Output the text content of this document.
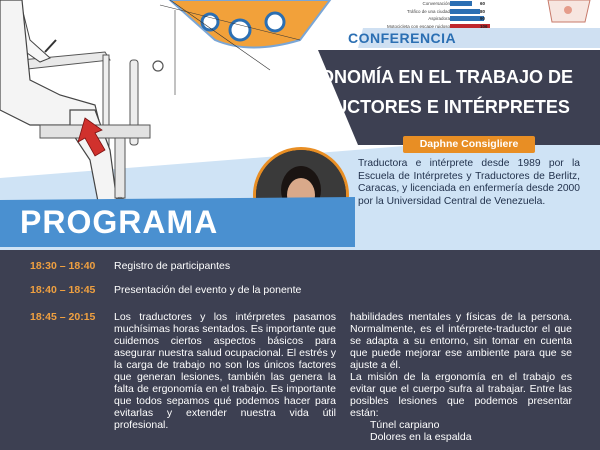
Conversación
Tráfico de una ciudad
Aspiradora
Motocicleta con escape ruidoso
60
80
90
106
CONFERENCIA
ERGONOMÍA EN EL TRABAJO DE
TRADUCTORES E INTÉRPRETES
Daphne Consigliere
Traductora e intérprete desde 1989 por la Escuela de Intérpretes y Traductores de Berlitz, Caracas, y licenciada en enfermería desde 2000 por la Universidad Central de Venezuela.
PROGRAMA
18:30 – 18:40 Registro de participantes
18:40 – 18:45 Presentación del evento y de la ponente
18:45 – 20:15 Los traductores y los intérpretes pasamos muchísimas horas sentados. Es importante que cuidemos ciertos aspectos básicos para asegurar nuestra salud ocupacional. El estrés y la carga de trabajo no son los únicos factores que generan lesiones, también las genera la falta de ergonomía en el trabajo. Es importante que todos sepamos qué podemos hacer para evitarlas y extender nuestra vida útil profesional.
habilidades mentales y físicas de la persona. Normalmente, es el intérprete-traductor el que se adapta a su entorno, sin tomar en cuenta que puede mejorar ese ambiente para que se ajuste a él.
La misión de la ergonomía en el trabajo es evitar que el cuerpo sufra al trabajar. Entre las posibles lesiones que podemos presentar están:
Túnel carpiano
Dolores en la espalda
